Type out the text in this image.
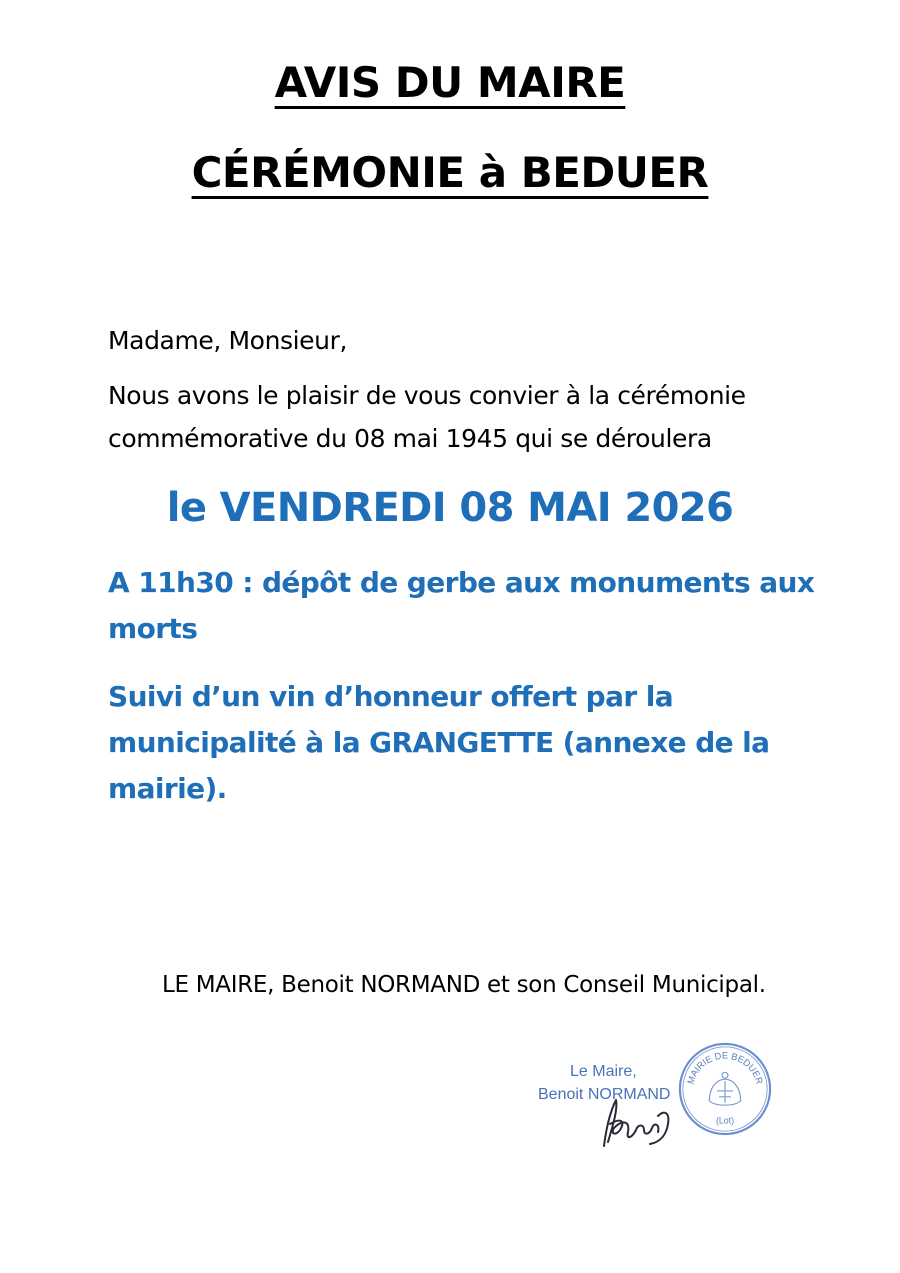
AVIS DU MAIRE
CÉRÉMONIE à BEDUER
Madame, Monsieur,
Nous avons le plaisir de vous convier à la cérémonie
commémorative du 08 mai 1945 qui se déroulera
le VENDREDI 08 MAI 2026
A 11h30 : dépôt de gerbe aux monuments aux morts
Suivi d’un vin d’honneur offert par la municipalité à la GRANGETTE (annexe de la mairie).
LE MAIRE, Benoit NORMAND et son Conseil Municipal.
Le Maire,
Benoit NORMAND
MAIRIE DE BEDUER
(Lot)
